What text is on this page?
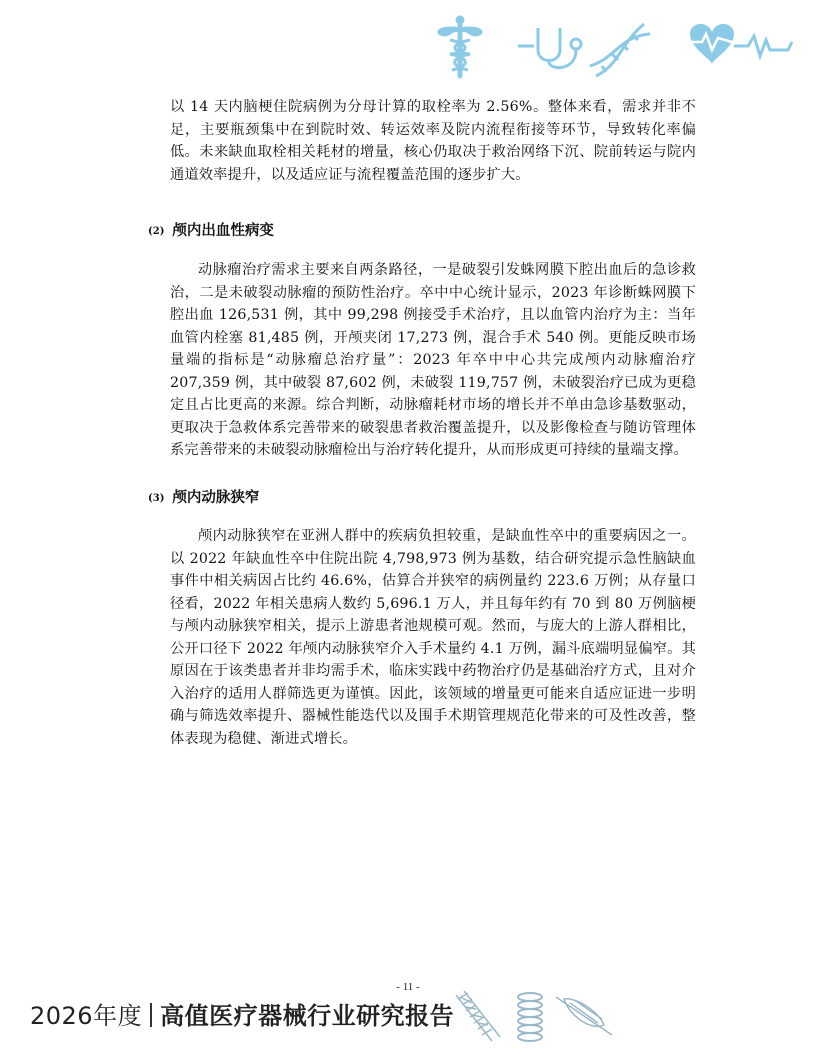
以 14 天内脑梗住院病例为分母计算的取栓率为 2.56%。整体来看，需求并非不足，主要瓶颈集中在到院时效、转运效率及院内流程衔接等环节，导致转化率偏低。未来缺血取栓相关耗材的增量，核心仍取决于救治网络下沉、院前转运与院内通道效率提升，以及适应证与流程覆盖范围的逐步扩大。

(2) 颅内出血性病变

动脉瘤治疗需求主要来自两条路径，一是破裂引发蛛网膜下腔出血后的急诊救治，二是未破裂动脉瘤的预防性治疗。卒中中心统计显示，2023 年诊断蛛网膜下腔出血 126,531 例，其中 99,298 例接受手术治疗，且以血管内治疗为主：当年血管内栓塞 81,485 例，开颅夹闭 17,273 例，混合手术 540 例。更能反映市场量端的指标是“动脉瘤总治疗量”：2023 年卒中中心共完成颅内动脉瘤治疗 207,359 例，其中破裂 87,602 例，未破裂 119,757 例，未破裂治疗已成为更稳定且占比更高的来源。综合判断，动脉瘤耗材市场的增长并不单由急诊基数驱动，更取决于急救体系完善带来的破裂患者救治覆盖提升，以及影像检查与随访管理体系完善带来的未破裂动脉瘤检出与治疗转化提升，从而形成更可持续的量端支撑。

(3) 颅内动脉狭窄

颅内动脉狭窄在亚洲人群中的疾病负担较重，是缺血性卒中的重要病因之一。以 2022 年缺血性卒中住院出院 4,798,973 例为基数，结合研究提示急性脑缺血事件中相关病因占比约 46.6%，估算合并狭窄的病例量约 223.6 万例；从存量口径看，2022 年相关患病人数约 5,696.1 万人，并且每年约有 70 到 80 万例脑梗与颅内动脉狭窄相关，提示上游患者池规模可观。然而，与庞大的上游人群相比，公开口径下 2022 年颅内动脉狭窄介入手术量约 4.1 万例，漏斗底端明显偏窄。其原因在于该类患者并非均需手术，临床实践中药物治疗仍是基础治疗方式，且对介入治疗的适用人群筛选更为谨慎。因此，该领域的增量更可能来自适应证进一步明确与筛选效率提升、器械性能迭代以及围手术期管理规范化带来的可及性改善，整体表现为稳健、渐进式增长。

- 11 -
2026年度 高值医疗器械行业研究报告
